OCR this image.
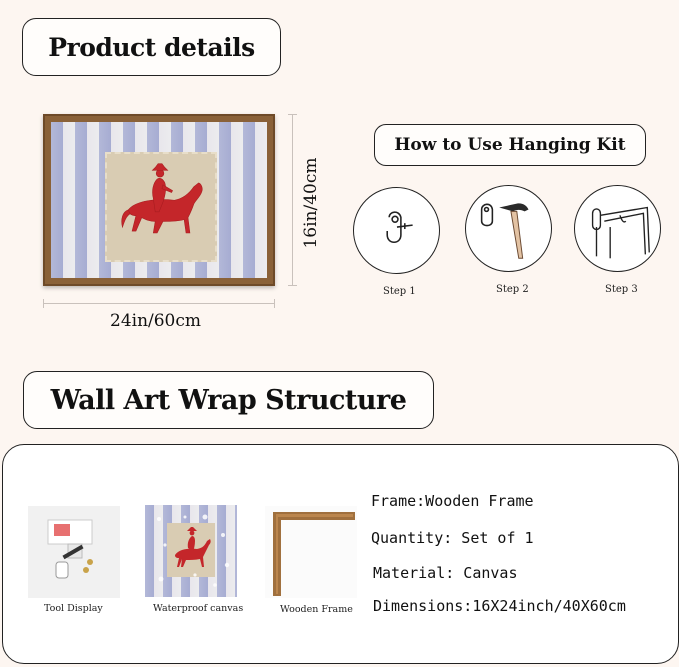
Product details
24in/60cm
16in/40cm
How to Use Hanging Kit
Step 1	Step 2	Step 3
Wall Art Wrap Structure
Tool Display	Waterproof canvas	Wooden Frame
Frame:Wooden Frame
Quantity: Set of 1
Material: Canvas
Dimensions:16X24inch/40X60cm
